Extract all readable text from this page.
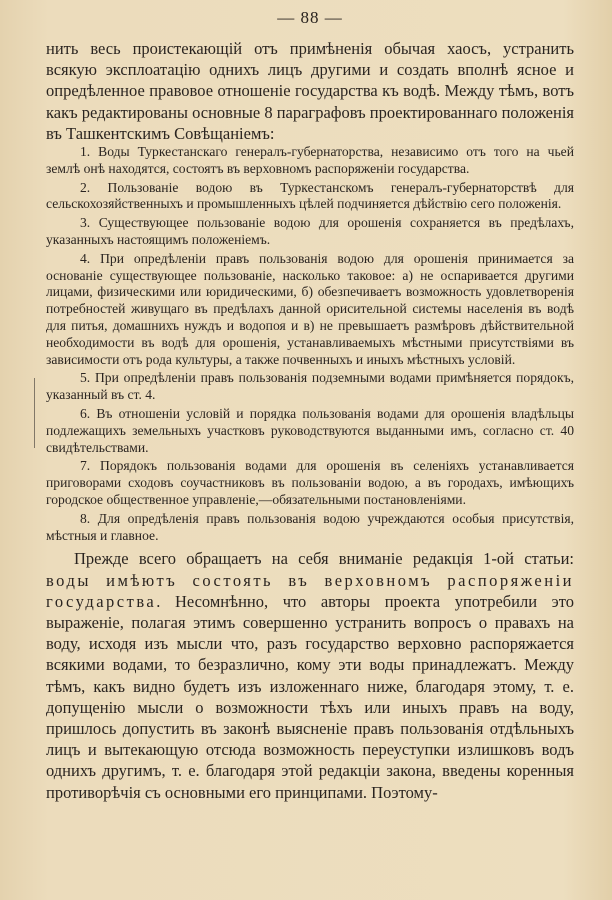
— 88 —

нить весь проистекающій отъ примѣненія обычая хаосъ, устранить всякую эксплоатацію однихъ лицъ другими и создать вполнѣ ясное и опредѣленное правовое отношеніе государства къ водѣ. Между тѣмъ, вотъ какъ редактированы основные 8 параграфовъ проектированнаго положенія въ Ташкентскимъ Совѣщаніемъ:

1. Воды Туркестанскаго генералъ-губернаторства, независимо отъ того на чьей землѣ онѣ находятся, состоятъ въ верховномъ распоряженіи государства.

2. Пользованіе водою въ Туркестанскомъ генералъ-губернаторствѣ для сельскохозяйственныхъ и промышленныхъ цѣлей подчиняется дѣйствію сего положенія.

3. Существующее пользованіе водою для орошенія сохраняется въ предѣлахъ, указанныхъ настоящимъ положеніемъ.

4. При опредѣленіи правъ пользованія водою для орошенія принимается за основаніе существующее пользованіе, насколько таковое: а) не оспаривается другими лицами, физическими или юридическими, б) обезпечиваетъ возможность удовлетворенія потребностей живущаго въ предѣлахъ данной орисительной системы населенія въ водѣ для питья, домашнихъ нуждъ и водопоя и в) не превышаетъ размѣровъ дѣйствительной необходимости въ водѣ для орошенія, устанавливаемыхъ мѣстными присутствіями въ зависимости отъ рода культуры, а также почвенныхъ и иныхъ мѣстныхъ условій.

5. При опредѣленіи правъ пользованія подземными водами примѣняется порядокъ, указанный въ ст. 4.

6. Въ отношеніи условій и порядка пользованія водами для орошенія владѣльцы подлежащихъ земельныхъ участковъ руководствуются выданными имъ, согласно ст. 40 свидѣтельствами.

7. Порядокъ пользованія водами для орошенія въ селеніяхъ устанавливается приговорами сходовъ соучастниковъ въ пользованіи водою, а въ городахъ, имѣющихъ городское общественное управленіе,—обязательными постановленіями.

8. Для опредѣленія правъ пользованія водою учреждаются особыя присутствія, мѣстныя и главное.

Прежде всего обращаетъ на себя вниманіе редакція 1-ой статьи: воды имѣютъ состоять въ верховномъ распоряженіи государства. Несомнѣнно, что авторы проекта употребили это выраженіе, полагая этимъ совершенно устранить вопросъ о правахъ на воду, исходя изъ мысли что, разъ государство верховно распоряжается всякими водами, то безразлично, кому эти воды принадлежатъ. Между тѣмъ, какъ видно будетъ изъ изложеннаго ниже, благодаря этому, т. е. допущенію мысли о возможности тѣхъ или иныхъ правъ на воду, пришлось допустить въ законѣ выясненіе правъ пользованія отдѣльныхъ лицъ и вытекающую отсюда возможность переуступки излишковъ водъ однихъ другимъ, т. е. благодаря этой редакціи закона, введены коренныя противорѣчія съ основными его принципами. Поэтому-
